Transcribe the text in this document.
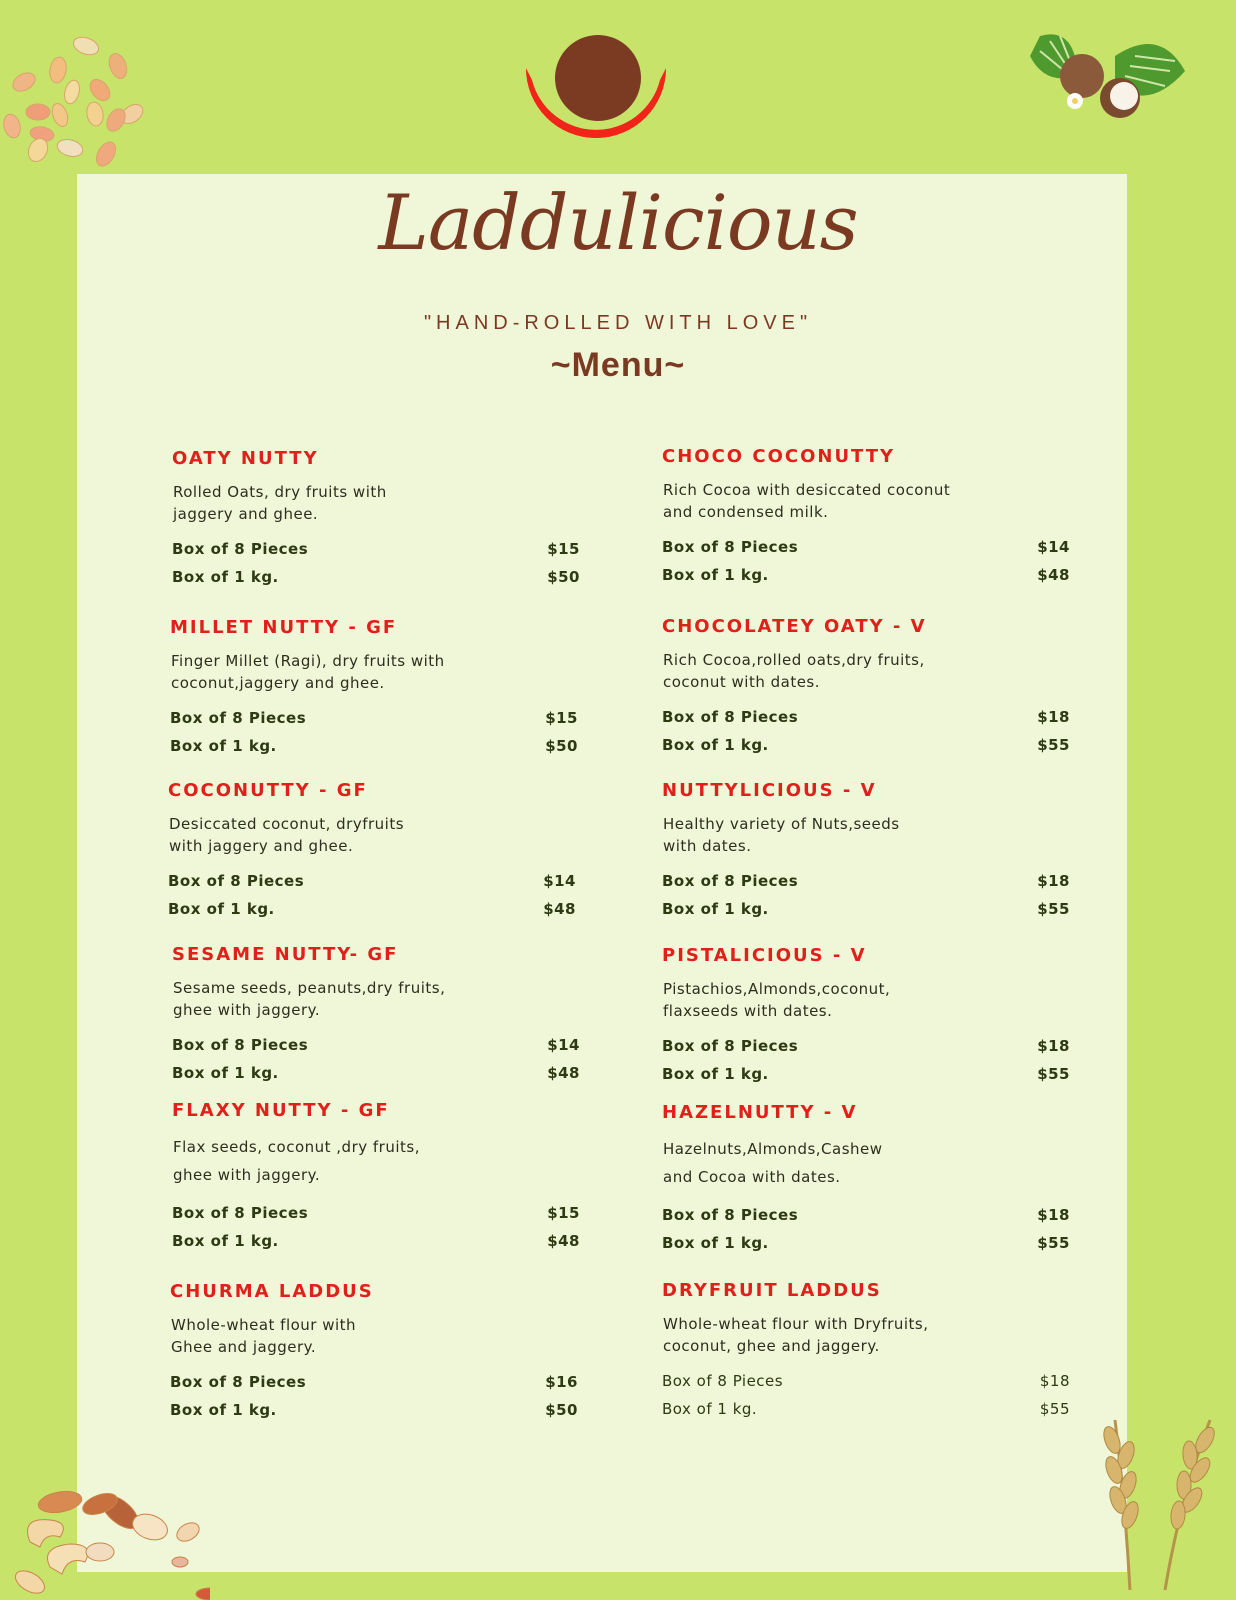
Laddulicious
"HAND-ROLLED WITH LOVE"
~Menu~
OATY NUTTY
Rolled Oats, dry fruits with
jaggery and ghee.
Box of 8 Pieces	$15
Box of 1 kg.	$50
MILLET NUTTY - GF
Finger Millet (Ragi), dry fruits with
coconut,jaggery and ghee.
Box of 8 Pieces	$15
Box of 1 kg.	$50
COCONUTTY - GF
Desiccated coconut, dryfruits
with jaggery and ghee.
Box of 8 Pieces	$14
Box of 1 kg.	$48
SESAME NUTTY- GF
Sesame seeds, peanuts,dry fruits,
ghee with jaggery.
Box of 8 Pieces	$14
Box of 1 kg.	$48
FLAXY NUTTY - GF
Flax seeds, coconut ,dry fruits,
ghee with jaggery.
Box of 8 Pieces	$15
Box of 1 kg.	$48
CHURMA LADDUS
Whole-wheat flour with
Ghee and jaggery.
Box of 8 Pieces	$16
Box of 1 kg.	$50
CHOCO COCONUTTY
Rich Cocoa with desiccated coconut
and condensed milk.
Box of 8 Pieces	$14
Box of 1 kg.	$48
CHOCOLATEY OATY - V
Rich Cocoa,rolled oats,dry fruits,
coconut with dates.
Box of 8 Pieces	$18
Box of 1 kg.	$55
NUTTYLICIOUS - V
Healthy variety of Nuts,seeds
with dates.
Box of 8 Pieces	$18
Box of 1 kg.	$55
PISTALICIOUS - V
Pistachios,Almonds,coconut,
flaxseeds with dates.
Box of 8 Pieces	$18
Box of 1 kg.	$55
HAZELNUTTY - V
Hazelnuts,Almonds,Cashew
and Cocoa with dates.
Box of 8 Pieces	$18
Box of 1 kg.	$55
DRYFRUIT LADDUS
Whole-wheat flour with Dryfruits,
coconut, ghee and jaggery.
Box of 8 Pieces	$18
Box of 1 kg.	$55
